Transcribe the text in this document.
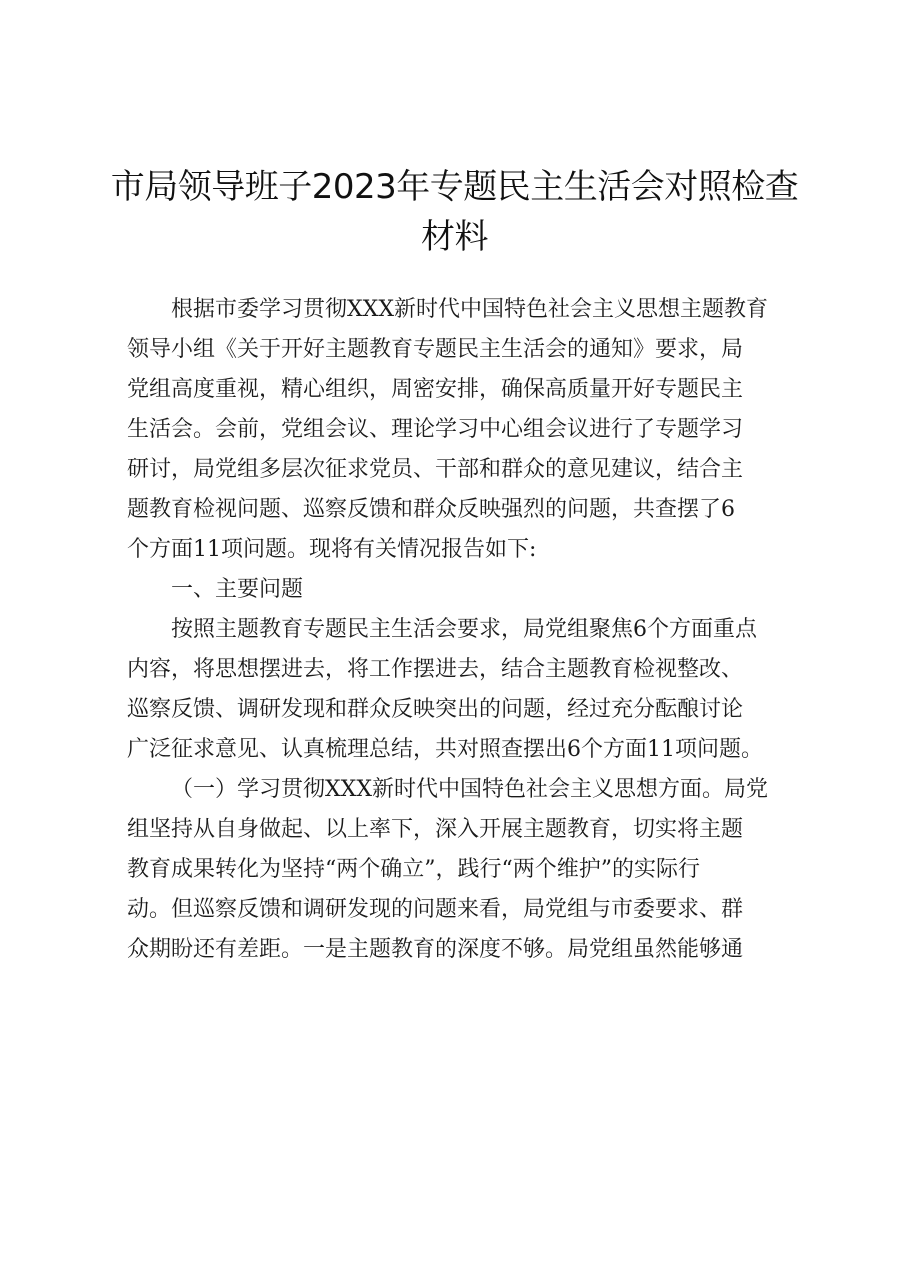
市局领导班子2023年专题民主生活会对照检查
材料
根据市委学习贯彻XXX新时代中国特色社会主义思想主题教育
领导小组《关于开好主题教育专题民主生活会的通知》要求，局
党组高度重视，精心组织，周密安排，确保高质量开好专题民主
生活会。会前，党组会议、理论学习中心组会议进行了专题学习
研讨，局党组多层次征求党员、干部和群众的意见建议，结合主
题教育检视问题、巡察反馈和群众反映强烈的问题，共查摆了6
个方面11项问题。现将有关情况报告如下:
一、主要问题
按照主题教育专题民主生活会要求，局党组聚焦6个方面重点
内容，将思想摆进去，将工作摆进去，结合主题教育检视整改、
巡察反馈、调研发现和群众反映突出的问题，经过充分酝酿讨论
广泛征求意见、认真梳理总结，共对照查摆出6个方面11项问题。
（一）学习贯彻XXX新时代中国特色社会主义思想方面。局党
组坚持从自身做起、以上率下，深入开展主题教育，切实将主题
教育成果转化为坚持“两个确立”，践行“两个维护”的实际行
动。但巡察反馈和调研发现的问题来看，局党组与市委要求、群
众期盼还有差距。一是主题教育的深度不够。局党组虽然能够通
